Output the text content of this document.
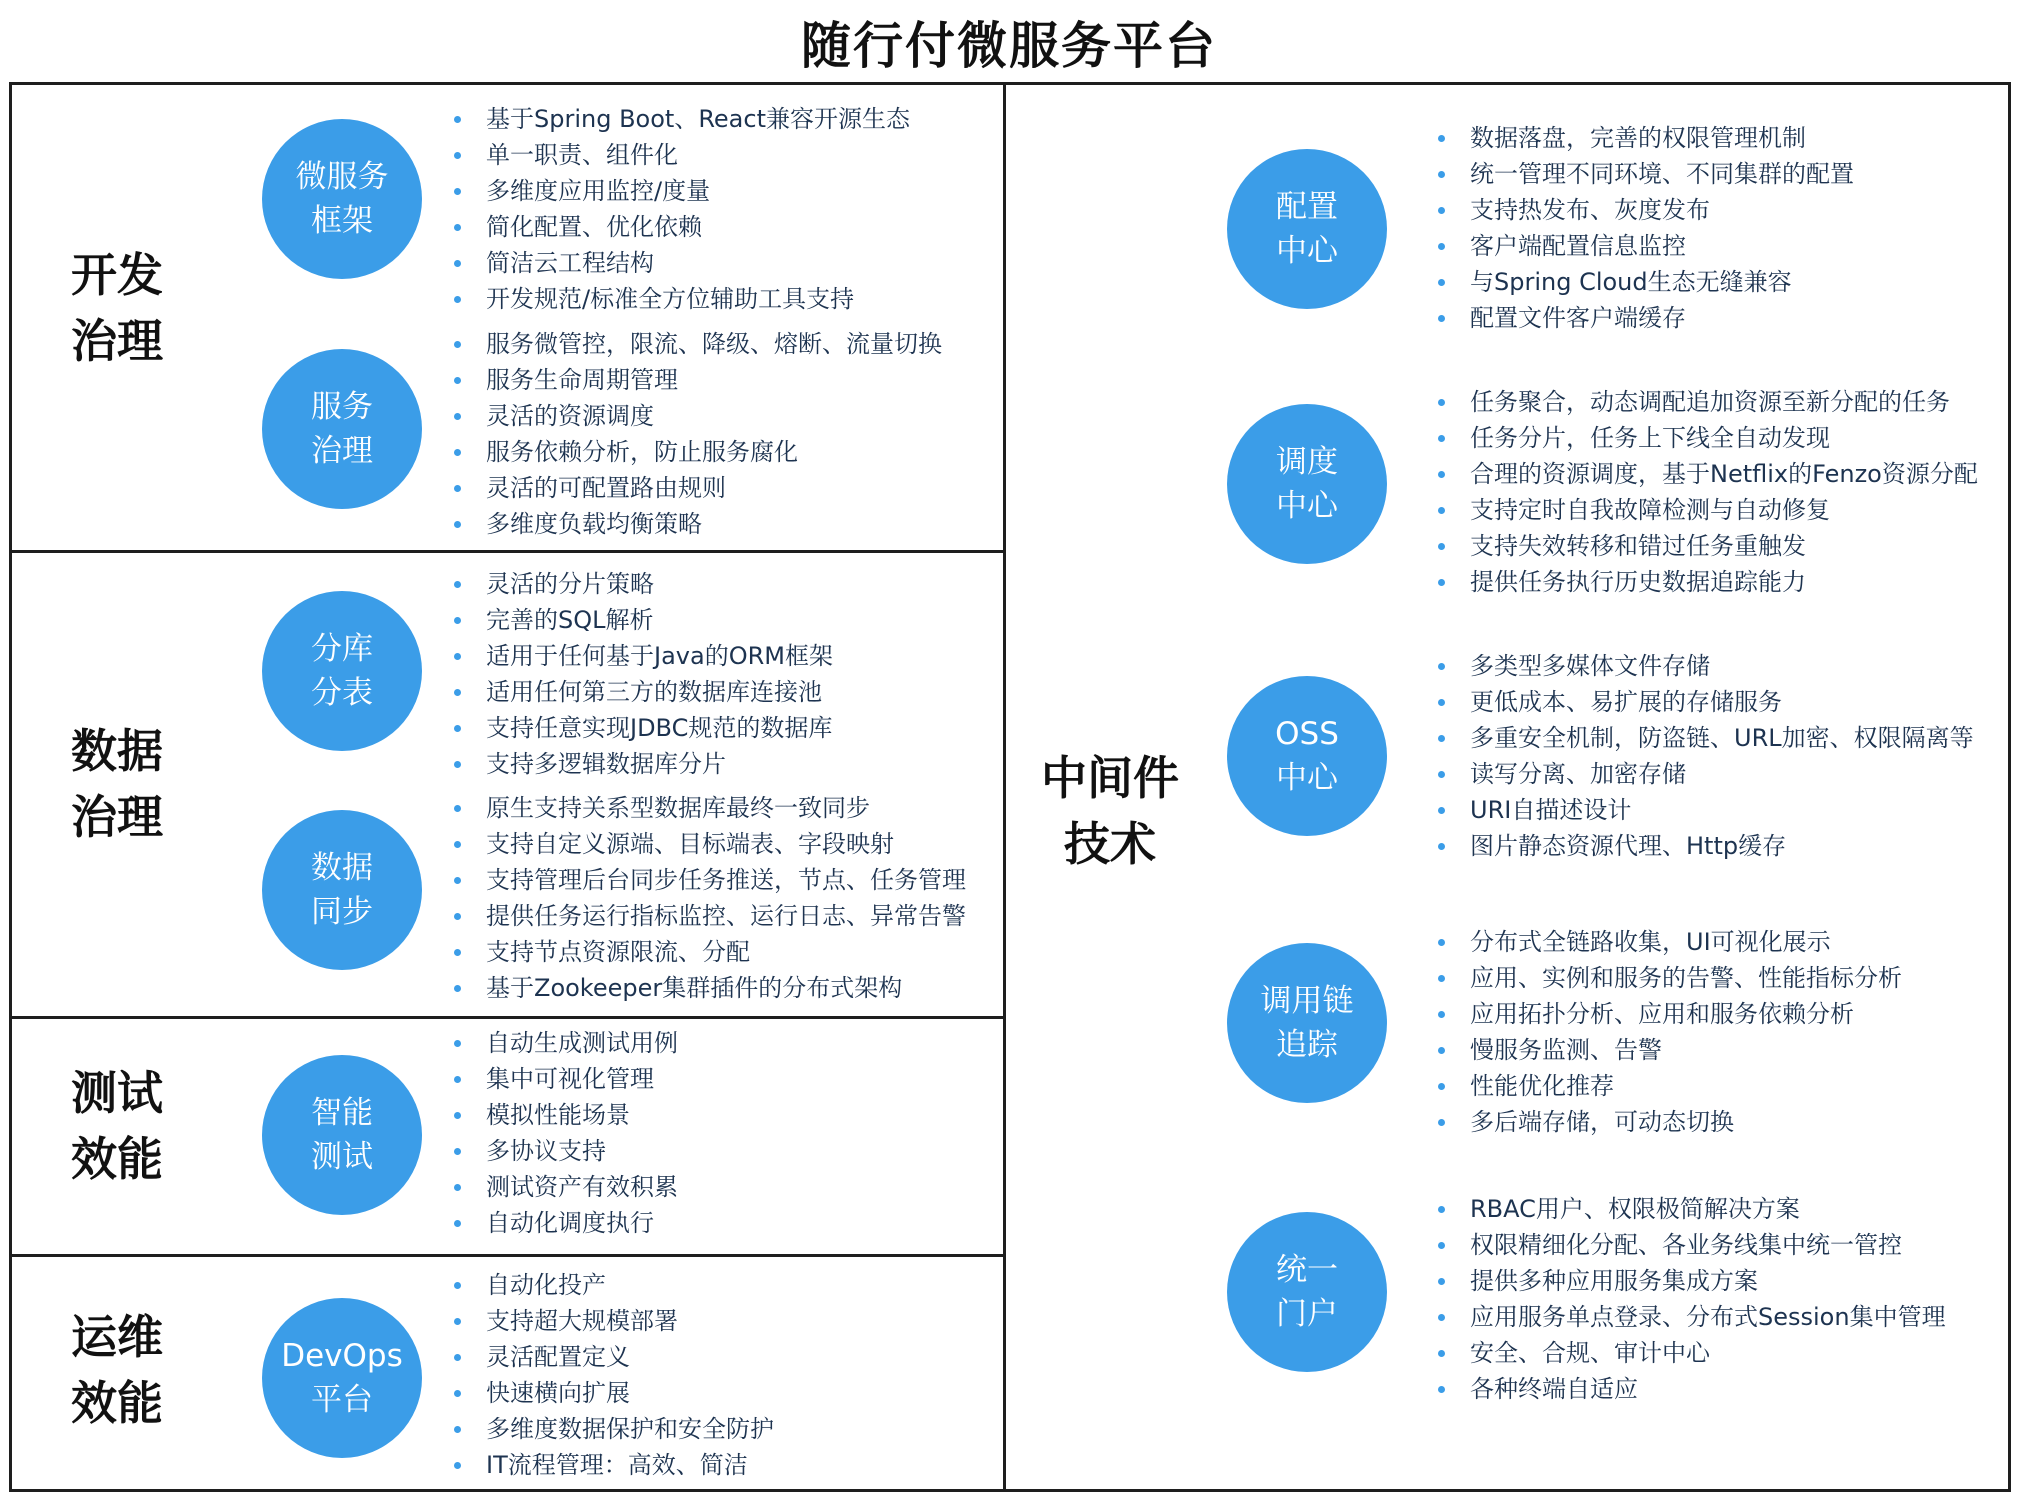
随行付微服务平台
开发
治理
微服务
框架
基于Spring Boot、React兼容开源生态
单一职责、组件化
多维度应用监控/度量
简化配置、优化依赖
简洁云工程结构
开发规范/标准全方位辅助工具支持
服务
治理
服务微管控，限流、降级、熔断、流量切换
服务生命周期管理
灵活的资源调度
服务依赖分析，防止服务腐化
灵活的可配置路由规则
多维度负载均衡策略
数据
治理
分库
分表
灵活的分片策略
完善的SQL解析
适用于任何基于Java的ORM框架
适用任何第三方的数据库连接池
支持任意实现JDBC规范的数据库
支持多逻辑数据库分片
数据
同步
原生支持关系型数据库最终一致同步
支持自定义源端、目标端表、字段映射
支持管理后台同步任务推送，节点、任务管理
提供任务运行指标监控、运行日志、异常告警
支持节点资源限流、分配
基于Zookeeper集群插件的分布式架构
测试
效能
智能
测试
自动生成测试用例
集中可视化管理
模拟性能场景
多协议支持
测试资产有效积累
自动化调度执行
运维
效能
DevOps
平台
自动化投产
支持超大规模部署
灵活配置定义
快速横向扩展
多维度数据保护和安全防护
IT流程管理：高效、简洁
中间件
技术
配置
中心
数据落盘，完善的权限管理机制
统一管理不同环境、不同集群的配置
支持热发布、灰度发布
客户端配置信息监控
与Spring Cloud生态无缝兼容
配置文件客户端缓存
调度
中心
任务聚合，动态调配追加资源至新分配的任务
任务分片，任务上下线全自动发现
合理的资源调度，基于Netflix的Fenzo资源分配
支持定时自我故障检测与自动修复
支持失效转移和错过任务重触发
提供任务执行历史数据追踪能力
OSS
中心
多类型多媒体文件存储
更低成本、易扩展的存储服务
多重安全机制，防盗链、URL加密、权限隔离等
读写分离、加密存储
URI自描述设计
图片静态资源代理、Http缓存
调用链
追踪
分布式全链路收集，UI可视化展示
应用、实例和服务的告警、性能指标分析
应用拓扑分析、应用和服务依赖分析
慢服务监测、告警
性能优化推荐
多后端存储，可动态切换
统一
门户
RBAC用户、权限极简解决方案
权限精细化分配、各业务线集中统一管控
提供多种应用服务集成方案
应用服务单点登录、分布式Session集中管理
安全、合规、审计中心
各种终端自适应
